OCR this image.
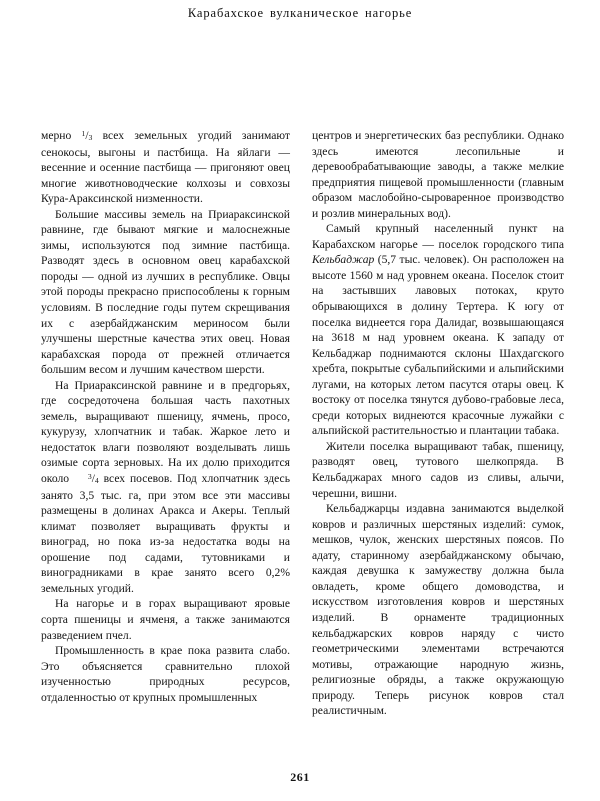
Карабахское вулканическое нагорье

мерно $^1/_3$ всех земельных угодий занимают сенокосы, выгоны и пастбища. На яйлаги — весенние и осенние пастбища — пригоняют овец многие животноводческие колхозы и совхозы Кура-Араксинской низменности.

Большие массивы земель на Приаракcинской равнине, где бывают мягкие и малоснежные зимы, используются под зимние пастбища. Разводят здесь в основном овец карабахской породы — одной из лучших в республике. Овцы этой породы прекрасно приспособлены к горным условиям. В последние годы путем скрещивания их с азербайджанским мериносом были улучшены шерстные качества этих овец. Новая карабахская порода от прежней отличается большим весом и лучшим качеством шерсти.

На Приараксинской равнине и в предгорьях, где сосредоточена большая часть пахотных земель, выращивают пшеницу, ячмень, просо, кукурузу, хлопчатник и табак. Жаркое лето и недостаток влаги позволяют возделывать лишь озимые сорта зерновых. На их долю приходится около $^3/_4$ всех посевов. Под хлопчатник здесь занято 3,5 тыс. га, при этом все эти массивы размещены в долинах Аракса и Акеры. Теплый климат позволяет выращивать фрукты и виноград, но пока из-за недостатка воды на орошение под садами, тутовниками и виноградниками в крае занято всего 0,2% земельных угодий.

На нагорье и в горах выращивают яровые сорта пшеницы и ячменя, а также занимаются разведением пчел.

Промышленность в крае пока развита слабо. Это объясняется сравнительно плохой изученностью природных ресурсов, отдаленностью от крупных промышленных

центров и энергетических баз республики. Однако здесь имеются лесопильные и деревообрабатывающие заводы, а также мелкие предприятия пищевой промышленности (главным образом маслобойно-сыроваренное производство и розлив минеральных вод).

Самый крупный населенный пункт на Карабахском нагорье — поселок городского типа Кельбаджар (5,7 тыс. человек). Он расположен на высоте 1560 м над уровнем океана. Поселок стоит на застывших лавовых потоках, круто обрывающихся в долину Тертера. К югу от поселка виднеется гора Далидаг, возвышающаяся на 3618 м над уровнем океана. К западу от Кельбаджар поднимаются склоны Шахдагского хребта, покрытые субальпийскими и альпийскими лугами, на которых летом пасутся отары овец. К востоку от поселка тянутся дубово-грабовые леса, среди которых виднеются красочные лужайки с альпийской растительностью и плантации табака.

Жители поселка выращивают табак, пшеницу, разводят овец, тутового шелкопряда. В Кельбаджарах много садов из сливы, алычи, черешни, вишни.

Кельбаджарцы издавна занимаются выделкой ковров и различных шерстяных изделий: сумок, мешков, чулок, женских шерстяных поясов. По адату, старинному азербайджанскому обычаю, каждая девушка к замужеству должна была овладеть, кроме общего домоводства, и искусством изготовления ковров и шерстяных изделий. В орнаменте традиционных кельбаджарских ковров наряду с чисто геометрическими элементами встречаются мотивы, отражающие народную жизнь, религиозные обряды, а также окружающую природу. Теперь рисунок ковров стал реалистичным.

261
